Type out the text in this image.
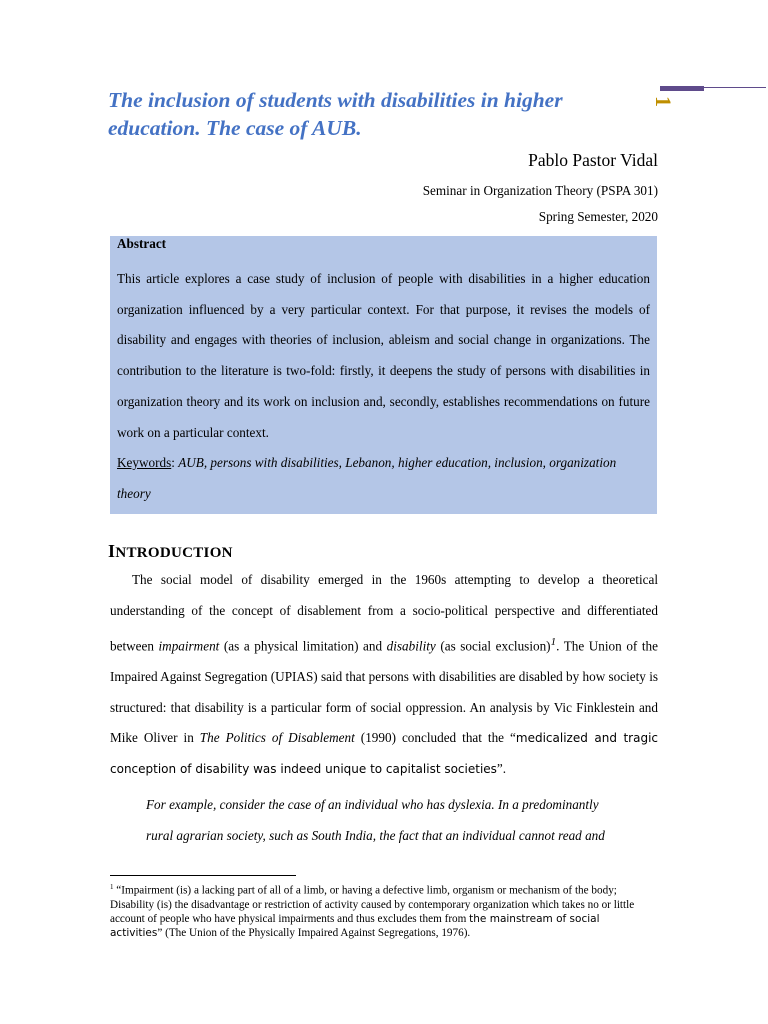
1
The inclusion of students with disabilities in higher education. The case of AUB.
Pablo Pastor Vidal
Seminar in Organization Theory (PSPA 301)
Spring Semester, 2020
Abstract

This article explores a case study of inclusion of people with disabilities in a higher education organization influenced by a very particular context. For that purpose, it revises the models of disability and engages with theories of inclusion, ableism and social change in organizations. The contribution to the literature is two-fold: firstly, it deepens the study of persons with disabilities in organization theory and its work on inclusion and, secondly, establishes recommendations on future work on a particular context.

Keywords: AUB, persons with disabilities, Lebanon, higher education, inclusion, organization theory

INTRODUCTION

The social model of disability emerged in the 1960s attempting to develop a theoretical understanding of the concept of disablement from a socio-political perspective and differentiated between impairment (as a physical limitation) and disability (as social exclusion)$^1$. The Union of the Impaired Against Segregation (UPIAS) said that persons with disabilities are disabled by how society is structured: that disability is a particular form of social oppression. An analysis by Vic Finklestein and Mike Oliver in The Politics of Disablement (1990) concluded that the “medicalized and tragic conception of disability was indeed unique to capitalist societies”.

For example, consider the case of an individual who has dyslexia. In a predominantly rural agrarian society, such as South India, the fact that an individual cannot read and

$^1$ “Impairment (is) a lacking part of all of a limb, or having a defective limb, organism or mechanism of the body; Disability (is) the disadvantage or restriction of activity caused by contemporary organization which takes no or little account of people who have physical impairments and thus excludes them from the mainstream of social activities” (The Union of the Physically Impaired Against Segregations, 1976).
